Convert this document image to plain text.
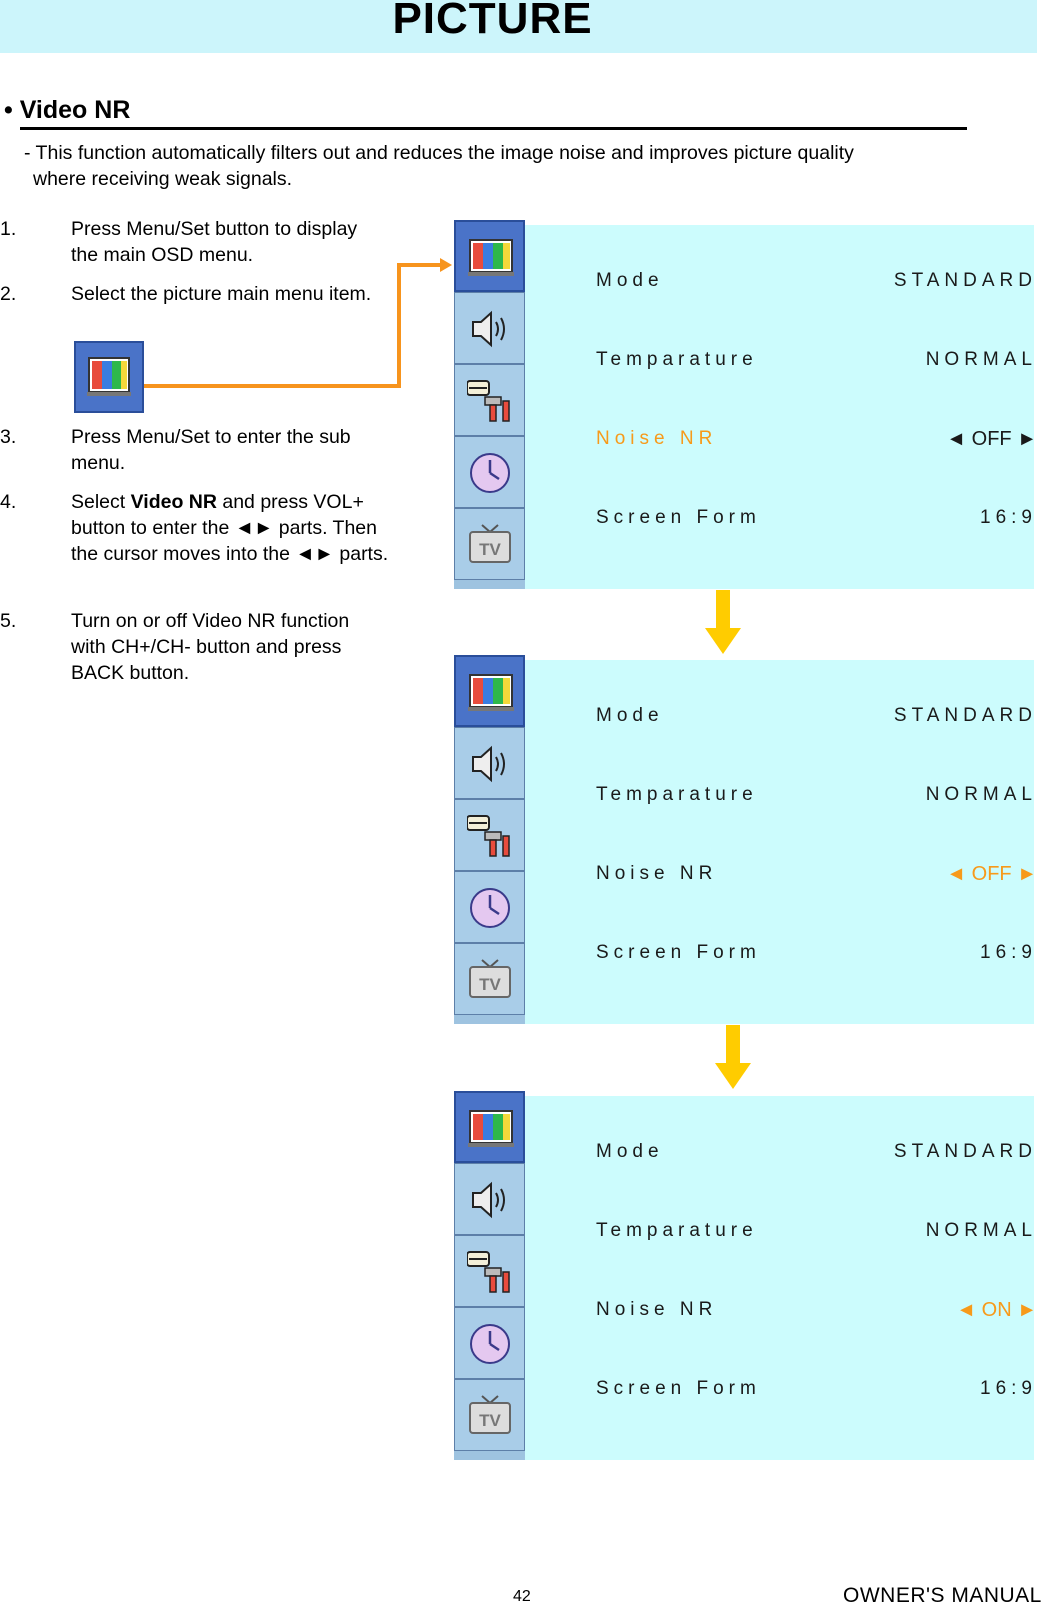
PICTURE
• Video NR
- This function automatically filters out and reduces the image noise and improves picture quality
where receiving weak signals.
1.	Press Menu/Set button to display the main OSD menu.
2.	Select the picture main menu item.
3.	Press Menu/Set to enter the sub menu.
4.	Select Video NR and press VOL+ button to enter the ◄► parts. Then the cursor moves into the ◄► parts.
5.	Turn on or off Video NR function with CH+/CH- button and press BACK button.
TV
Mode	STANDARD
Temparature	NORMAL
Noise NR	◄ OFF ►
Screen Form	16:9
TV
Mode	STANDARD
Temparature	NORMAL
Noise NR	◄ OFF ►
Screen Form	16:9
TV
Mode	STANDARD
Temparature	NORMAL
Noise NR	◄ ON ►
Screen Form	16:9
42	OWNER'S MANUAL
